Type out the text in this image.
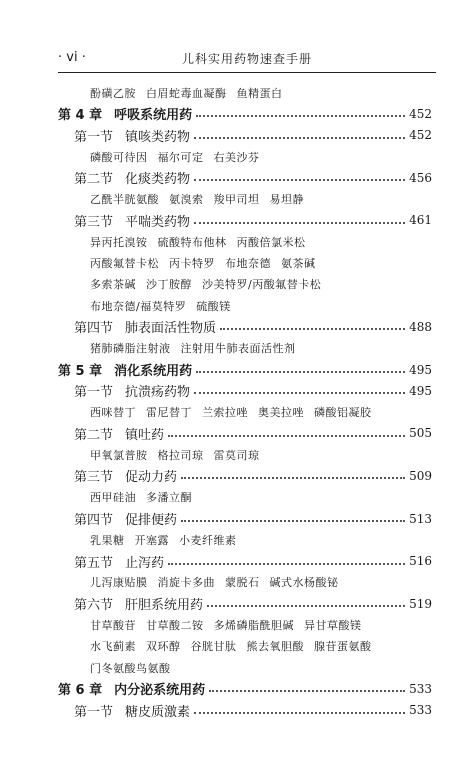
· vi ·	儿科实用药物速查手册
酚磺乙胺 白眉蛇毒血凝酶 鱼精蛋白
第 4 章 呼吸系统用药	452
第一节 镇咳类药物	452
磷酸可待因 福尔可定 右美沙芬
第二节 化痰类药物	456
乙酰半胱氨酸 氨溴索 羧甲司坦 易坦静
第三节 平喘类药物	461
异丙托溴铵 硫酸特布他林 丙酸倍氯米松
丙酸氟替卡松 丙卡特罗 布地奈德 氨茶碱
多索茶碱 沙丁胺醇 沙美特罗/丙酸氟替卡松
布地奈德/福莫特罗 硫酸镁
第四节 肺表面活性物质	488
猪肺磷脂注射液 注射用牛肺表面活性剂
第 5 章 消化系统用药	495
第一节 抗溃疡药物	495
西咪替丁 雷尼替丁 兰索拉唑 奥美拉唑 磷酸铝凝胶
第二节 镇吐药	505
甲氧氯普胺 格拉司琼 雷莫司琼
第三节 促动力药	509
西甲硅油 多潘立酮
第四节 促排便药	513
乳果糖 开塞露 小麦纤维素
第五节 止泻药	516
儿泻康贴膜 消旋卡多曲 蒙脱石 碱式水杨酸铋
第六节 肝胆系统用药	519
甘草酸苷 甘草酸二铵 多烯磷脂酰胆碱 异甘草酸镁
水飞蓟素 双环醇 谷胱甘肽 熊去氧胆酸 腺苷蛋氨酸
门冬氨酸鸟氨酸
第 6 章 内分泌系统用药	533
第一节 糖皮质激素	533
